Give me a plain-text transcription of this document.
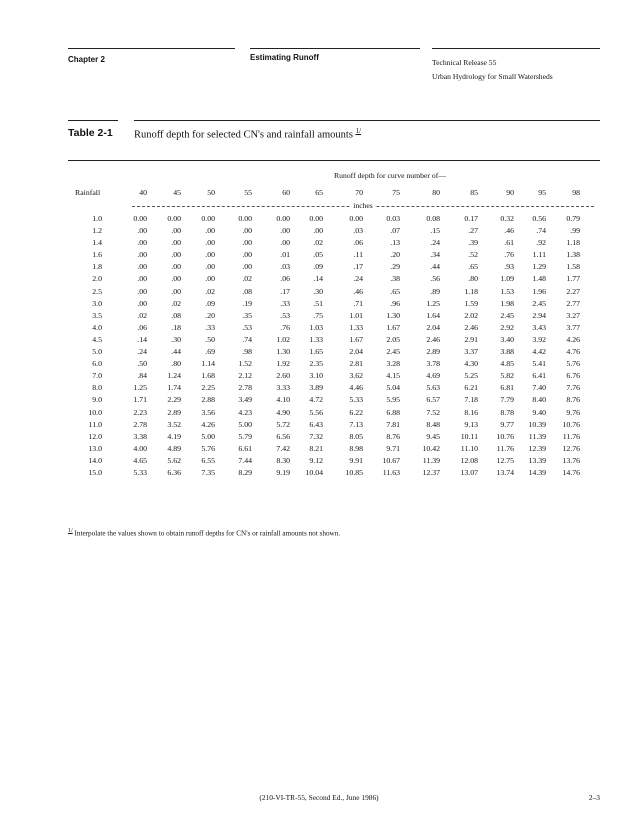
Chapter 2	Estimating Runoff
Technical Release 55
Urban Hydrology for Small Watersheds
Table 2-1 Runoff depth for selected CN's and rainfall amounts $^{1/}$
Runoff depth for curve number of—
Rainfall	40	45	50	55	60	65	70	75	80	85	90	95	98

1.0	0.00	0.00	0.00	0.00	0.00	0.00	0.00	0.03	0.08	0.17	0.32	0.56	0.79
1.2	.00	.00	.00	.00	.00	.00	.03	.07	.15	.27	.46	.74	.99
1.4	.00	.00	.00	.00	.00	.02	.06	.13	.24	.39	.61	.92	1.18
1.6	.00	.00	.00	.00	.01	.05	.11	.20	.34	.52	.76	1.11	1.38
1.8	.00	.00	.00	.00	.03	.09	.17	.29	.44	.65	.93	1.29	1.58
2.0	.00	.00	.00	.02	.06	.14	.24	.38	.56	.80	1.09	1.48	1.77
2.5	.00	.00	.02	.08	.17	.30	.46	.65	.89	1.18	1.53	1.96	2.27
3.0	.00	.02	.09	.19	.33	.51	.71	.96	1.25	1.59	1.98	2.45	2.77
3.5	.02	.08	.20	.35	.53	.75	1.01	1.30	1.64	2.02	2.45	2.94	3.27
4.0	.06	.18	.33	.53	.76	1.03	1.33	1.67	2.04	2.46	2.92	3.43	3.77
4.5	.14	.30	.50	.74	1.02	1.33	1.67	2.05	2.46	2.91	3.40	3.92	4.26
5.0	.24	.44	.69	.98	1.30	1.65	2.04	2.45	2.89	3.37	3.88	4.42	4.76
6.0	.50	.80	1.14	1.52	1.92	2.35	2.81	3.28	3.78	4.30	4.85	5.41	5.76
7.0	.84	1.24	1.68	2.12	2.60	3.10	3.62	4.15	4.69	5.25	5.82	6.41	6.76
8.0	1.25	1.74	2.25	2.78	3.33	3.89	4.46	5.04	5.63	6.21	6.81	7.40	7.76
9.0	1.71	2.29	2.88	3.49	4.10	4.72	5.33	5.95	6.57	7.18	7.79	8.40	8.76
10.0	2.23	2.89	3.56	4.23	4.90	5.56	6.22	6.88	7.52	8.16	8.78	9.40	9.76
11.0	2.78	3.52	4.26	5.00	5.72	6.43	7.13	7.81	8.48	9.13	9.77	10.39	10.76
12.0	3.38	4.19	5.00	5.79	6.56	7.32	8.05	8.76	9.45	10.11	10.76	11.39	11.76
13.0	4.00	4.89	5.76	6.61	7.42	8.21	8.98	9.71	10.42	11.10	11.76	12.39	12.76
14.0	4.65	5.62	6.55	7.44	8.30	9.12	9.91	10.67	11.39	12.08	12.75	13.39	13.76
15.0	5.33	6.36	7.35	8.29	9.19	10.04	10.85	11.63	12.37	13.07	13.74	14.39	14.76
inches
$^{1/}$ Interpolate the values shown to obtain runoff depths for CN's or rainfall amounts not shown.
(210-VI-TR-55, Second Ed., June 1986)	2–3
